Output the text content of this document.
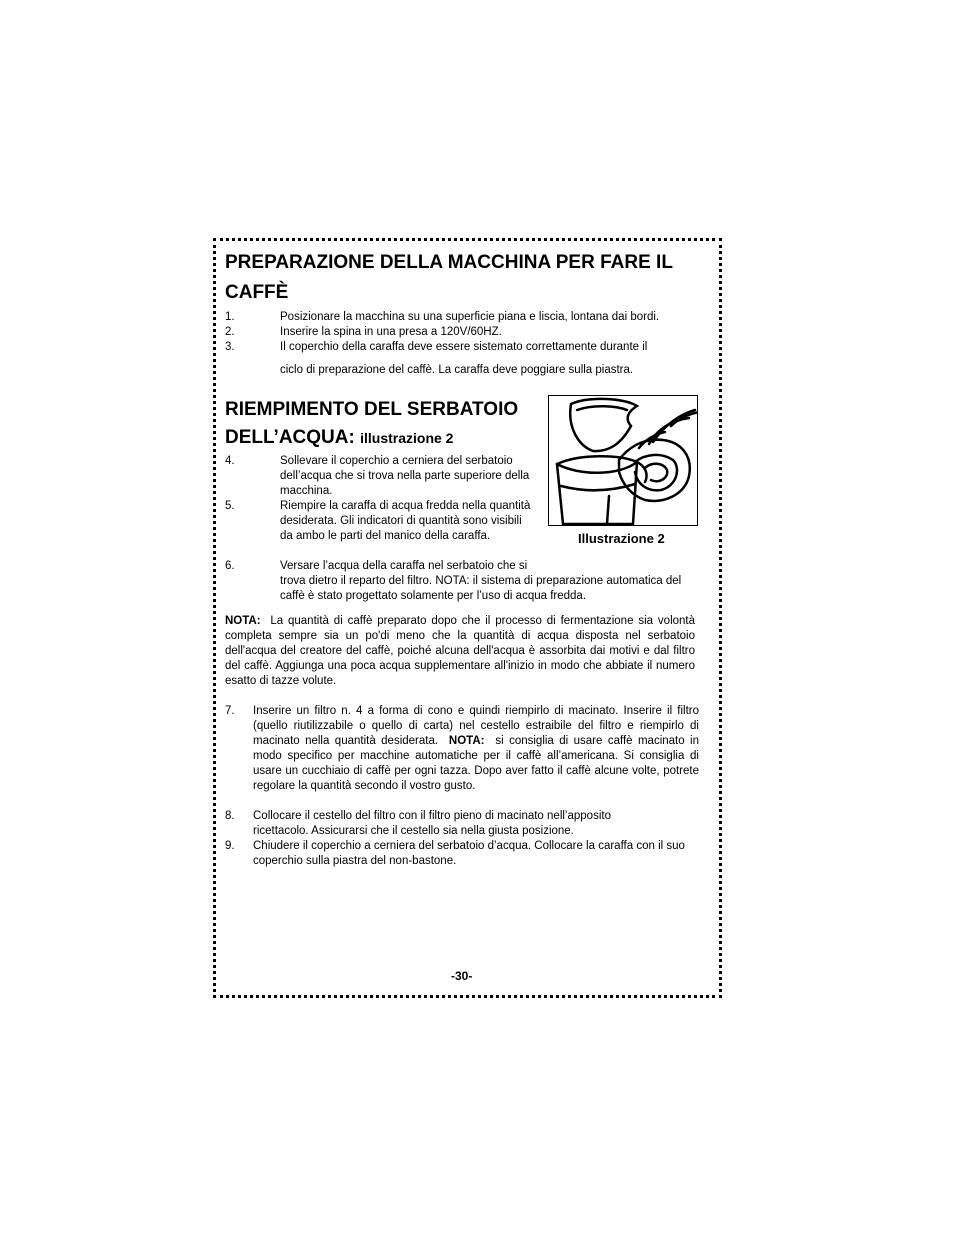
PREPARAZIONE DELLA MACCHINA PER FARE IL CAFFÈ
1.	Posizionare la macchina su una superficie piana e liscia, lontana dai bordi.
2.	Inserire la spina in una presa a 120V/60HZ.
3.	Il coperchio della caraffa deve essere sistemato correttamente durante il
ciclo di preparazione del caffè. La caraffa deve poggiare sulla piastra.
RIEMPIMENTO DEL SERBATOIO DELL’ACQUA: illustrazione 2
4.	Sollevare il coperchio a cerniera del serbatoio dell’acqua che si trova nella parte superiore della macchina.
5.	Riempire la caraffa di acqua fredda nella quantità desiderata. Gli indicatori di quantità sono visibili da ambo le parti del manico della caraffa.
6.	Versare l’acqua della caraffa nel serbatoio che si
trova dietro il reparto del filtro. NOTA: il sistema di preparazione automatica del caffè è stato progettato solamente per l’uso di acqua fredda.
Illustrazione 2
NOTA: La quantità di caffè preparato dopo che il processo di fermentazione sia volontà completa sempre sia un po'di meno che la quantità di acqua disposta nel serbatoio dell'acqua del creatore del caffè, poiché alcuna dell'acqua è assorbita dai motivi e dal filtro del caffè. Aggiunga una poca acqua supplementare all'inizio in modo che abbiate il numero esatto di tazze volute.
7. Inserire un filtro n. 4 a forma di cono e quindi riempirlo di macinato. Inserire il filtro (quello riutilizzabile o quello di carta) nel cestello estraibile del filtro e riempirlo di macinato nella quantità desiderata. NOTA: si consiglia di usare caffè macinato in modo specifico per macchine automatiche per il caffè all’americana. Si consiglia di usare un cucchiaio di caffè per ogni tazza. Dopo aver fatto il caffè alcune volte, potrete regolare la quantità secondo il vostro gusto.
8. Collocare il cestello del filtro con il filtro pieno di macinato nell’apposito ricettacolo. Assicurarsi che il cestello sia nella giusta posizione.
9. Chiudere il coperchio a cerniera del serbatoio d’acqua. Collocare la caraffa con il suo coperchio sulla piastra del non-bastone.
-30-
